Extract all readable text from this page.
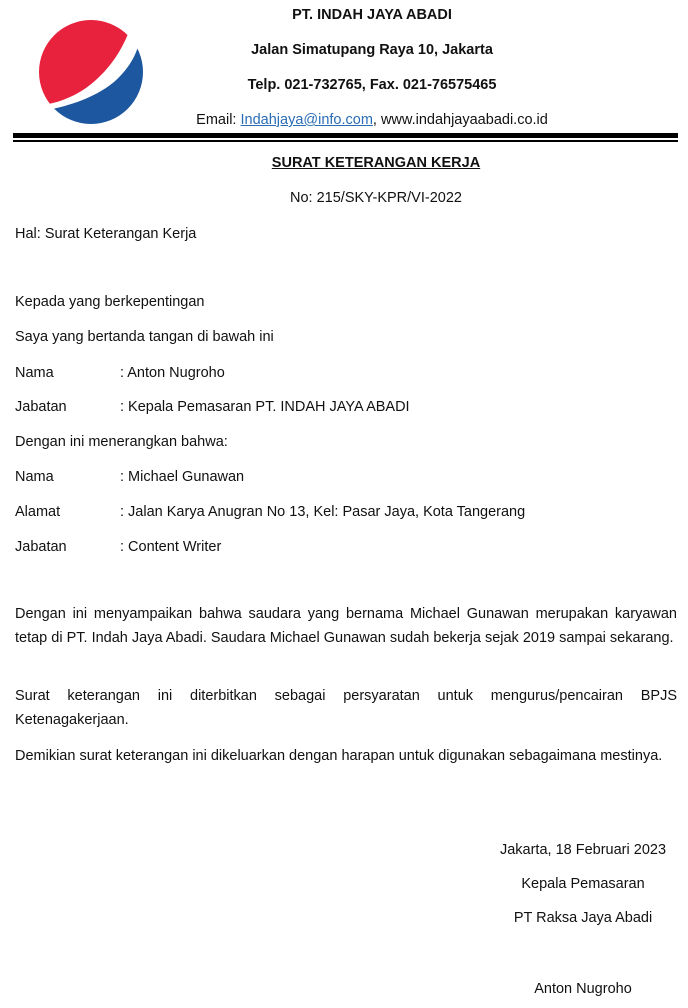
PT. INDAH JAYA ABADI
Jalan Simatupang Raya 10, Jakarta
Telp. 021-732765, Fax. 021-76575465
Email: Indahjaya@info.com, www.indahjayaabadi.co.id
SURAT KETERANGAN KERJA
No: 215/SKY-KPR/VI-2022
Hal: Surat Keterangan Kerja
Kepada yang berkepentingan
Saya yang bertanda tangan di bawah ini
Nama	: Anton Nugroho
Jabatan	: Kepala Pemasaran PT. INDAH JAYA ABADI
Dengan ini menerangkan bahwa:
Nama	: Michael Gunawan
Alamat	: Jalan Karya Anugran No 13, Kel: Pasar Jaya, Kota Tangerang
Jabatan	: Content Writer
Dengan ini menyampaikan bahwa saudara yang bernama Michael Gunawan merupakan karyawan tetap di PT. Indah Jaya Abadi. Saudara Michael Gunawan sudah bekerja sejak 2019 sampai sekarang.
Surat keterangan ini diterbitkan sebagai persyaratan untuk mengurus/pencairan BPJS Ketenagakerjaan.
Demikian surat keterangan ini dikeluarkan dengan harapan untuk digunakan sebagaimana mestinya.
Jakarta, 18 Februari 2023
Kepala Pemasaran
PT Raksa Jaya Abadi
Anton Nugroho
